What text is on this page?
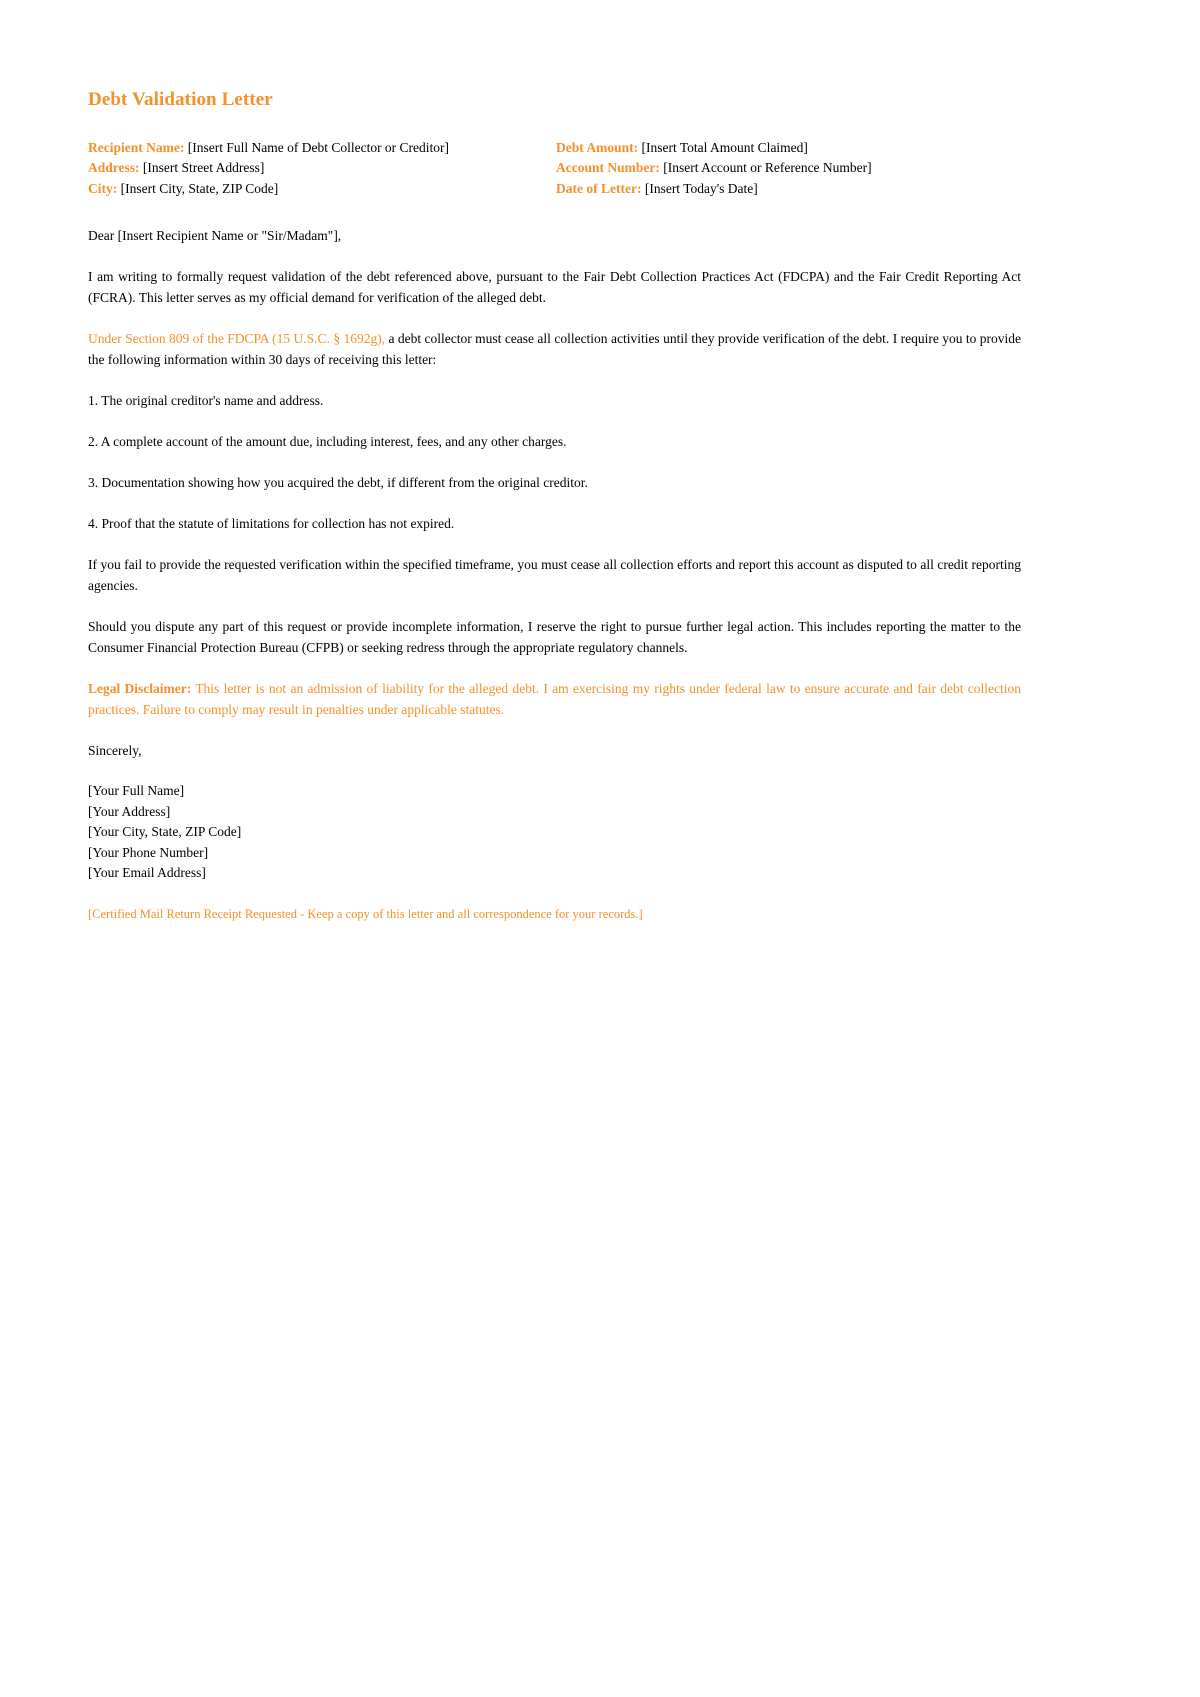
Debt Validation Letter
Recipient Name: [Insert Full Name of Debt Collector or Creditor]
Address: [Insert Street Address]
City: [Insert City, State, ZIP Code]
Debt Amount: [Insert Total Amount Claimed]
Account Number: [Insert Account or Reference Number]
Date of Letter: [Insert Today's Date]

Dear [Insert Recipient Name or "Sir/Madam"],

I am writing to formally request validation of the debt referenced above, pursuant to the Fair Debt Collection Practices Act (FDCPA) and the Fair Credit Reporting Act (FCRA). This letter serves as my official demand for verification of the alleged debt.

Under Section 809 of the FDCPA (15 U.S.C. § 1692g), a debt collector must cease all collection activities until they provide verification of the debt. I require you to provide the following information within 30 days of receiving this letter:

1. The original creditor's name and address.

2. A complete account of the amount due, including interest, fees, and any other charges.

3. Documentation showing how you acquired the debt, if different from the original creditor.

4. Proof that the statute of limitations for collection has not expired.

If you fail to provide the requested verification within the specified timeframe, you must cease all collection efforts and report this account as disputed to all credit reporting agencies.

Should you dispute any part of this request or provide incomplete information, I reserve the right to pursue further legal action. This includes reporting the matter to the Consumer Financial Protection Bureau (CFPB) or seeking redress through the appropriate regulatory channels.

Legal Disclaimer: This letter is not an admission of liability for the alleged debt. I am exercising my rights under federal law to ensure accurate and fair debt collection practices. Failure to comply may result in penalties under applicable statutes.

Sincerely,

[Your Full Name]
[Your Address]
[Your City, State, ZIP Code]
[Your Phone Number]
[Your Email Address]

[Certified Mail Return Receipt Requested - Keep a copy of this letter and all correspondence for your records.]
